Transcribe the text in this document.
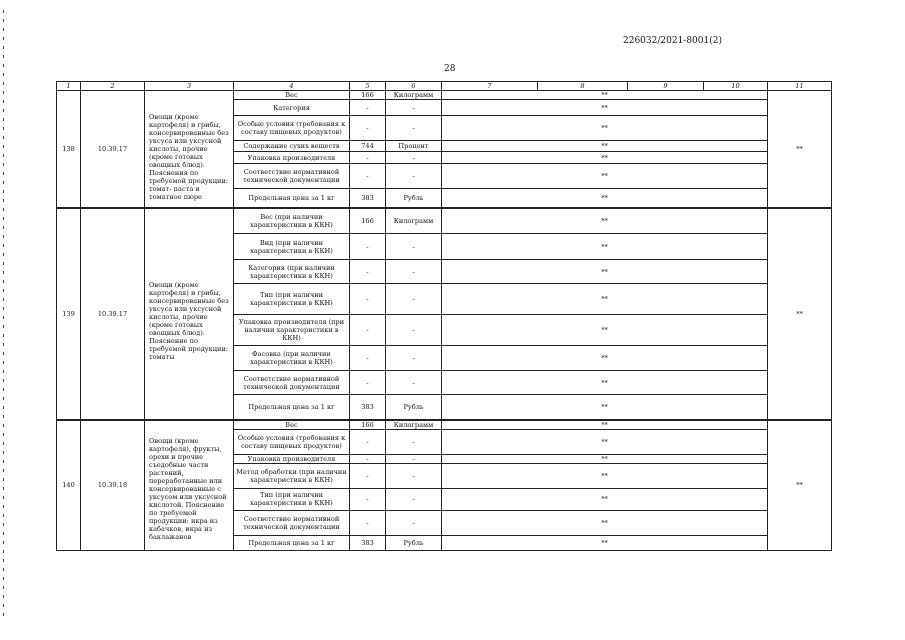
226032/2021-8001(2)
28
1	2	3	4	5	6	7	8	9	10	11
138	10.39.17	Овощи (кроме картофеля) и грибы, консервированные без уксуса или уксусной кислоты, прочие (кроме готовых овощных блюд). Пояснения по требуемой продукции: томат- паста и томатное пюре	Вес	166	Килограмм	**				**
			Категория	-	-	**				
			Особые условия (требования к составу пищевых продуктов)	-	-	**				
			Содержание сухих веществ	744	Процент	**				
			Упаковка производителя	-	-	**				
			Соответствие нормативной технической документации	-	-	**				
			Предельная цена за 1 кг	383	Рубль	**				
139	10.39.17	Овощи (кроме картофеля) и грибы, консервированные без уксуса или уксусной кислоты, прочие (кроме готовых овощных блюд). Пояснение по требуемой продукции: томаты	Вес (при наличии характеристики в ККН)	166	Килограмм	**				**
			Вид (при наличии характеристики в ККН)	-	-	**				
			Категория (при наличии характеристики в ККН)	-	-	**				
			Тип (при наличии характеристики в ККН)	-	-	**				
			Упаковка производителя (при наличии характеристики в ККН)	-	-	**				
			Фасовка (при наличии характеристики в ККН)	-	-	**				
			Соответствие нормативной технической документации	-	-	**				
			Предельная цена за 1 кг	383	Рубль	**				
140	10.39.18	Овощи (кроме картофеля), фрукты, орехи и прочие съедобные части растений, переработанные или консервированные с уксусом или уксусной кислотой. Пояснение по требуемой продукции: икра из кабачков, икра из баклажанов	Вес	166	Килограмм	**				**
			Особые условия (требования к составу пищевых продуктов)	-	-	**				
			Упаковка производителя	-	-	**				
			Метод обработки (при наличии характеристики в ККН)	-	-	**				
			Тип (при наличии характеристики в ККН)	-	-	**				
			Соответствие нормативной технической документации	-	-	**				
			Предельная цена за 1 кг	383	Рубль	**				
